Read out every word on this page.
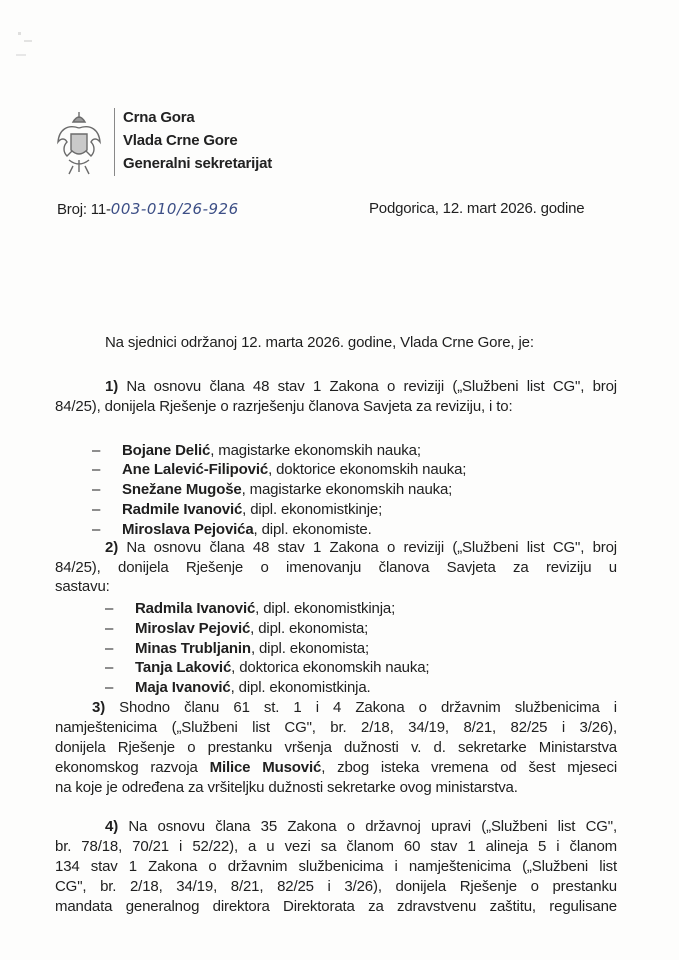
Crna Gora
Vlada Crne Gore
Generalni sekretarijat
Broj: 11-003-010/26-926	Podgorica, 12. mart 2026. godine
Na sjednici održanoj 12. marta 2026. godine, Vlada Crne Gore, je:
1) Na osnovu člana 48 stav 1 Zakona o reviziji („Službeni list CG", broj
84/25), donijela Rješenje o razrješenju članova Savjeta za reviziju, i to:
– Bojane Delić, magistarke ekonomskih nauka;
– Ane Lalević-Filipović, doktorice ekonomskih nauka;
– Snežane Mugoše, magistarke ekonomskih nauka;
– Radmile Ivanović, dipl. ekonomistkinje;
– Miroslava Pejovića, dipl. ekonomiste.
2) Na osnovu člana 48 stav 1 Zakona o reviziji („Službeni list CG", broj
84/25), donijela Rješenje o imenovanju članova Savjeta za reviziju u
sastavu:
– Radmila Ivanović, dipl. ekonomistkinja;
– Miroslav Pejović, dipl. ekonomista;
– Minas Trubljanin, dipl. ekonomista;
– Tanja Laković, doktorica ekonomskih nauka;
– Maja Ivanović, dipl. ekonomistkinja.
3) Shodno članu 61 st. 1 i 4 Zakona o državnim službenicima i
namještenicima („Službeni list CG", br. 2/18, 34/19, 8/21, 82/25 i 3/26),
donijela Rješenje o prestanku vršenja dužnosti v. d. sekretarke Ministarstva
ekonomskog razvoja Milice Musović, zbog isteka vremena od šest mjeseci
na koje je određena za vršiteljku dužnosti sekretarke ovog ministarstva.
4) Na osnovu člana 35 Zakona o državnoj upravi („Službeni list CG",
br. 78/18, 70/21 i 52/22), a u vezi sa članom 60 stav 1 alineja 5 i članom
134 stav 1 Zakona o državnim službenicima i namještenicima („Službeni list
CG", br. 2/18, 34/19, 8/21, 82/25 i 3/26), donijela Rješenje o prestanku
mandata generalnog direktora Direktorata za zdravstvenu zaštitu, regulisane
